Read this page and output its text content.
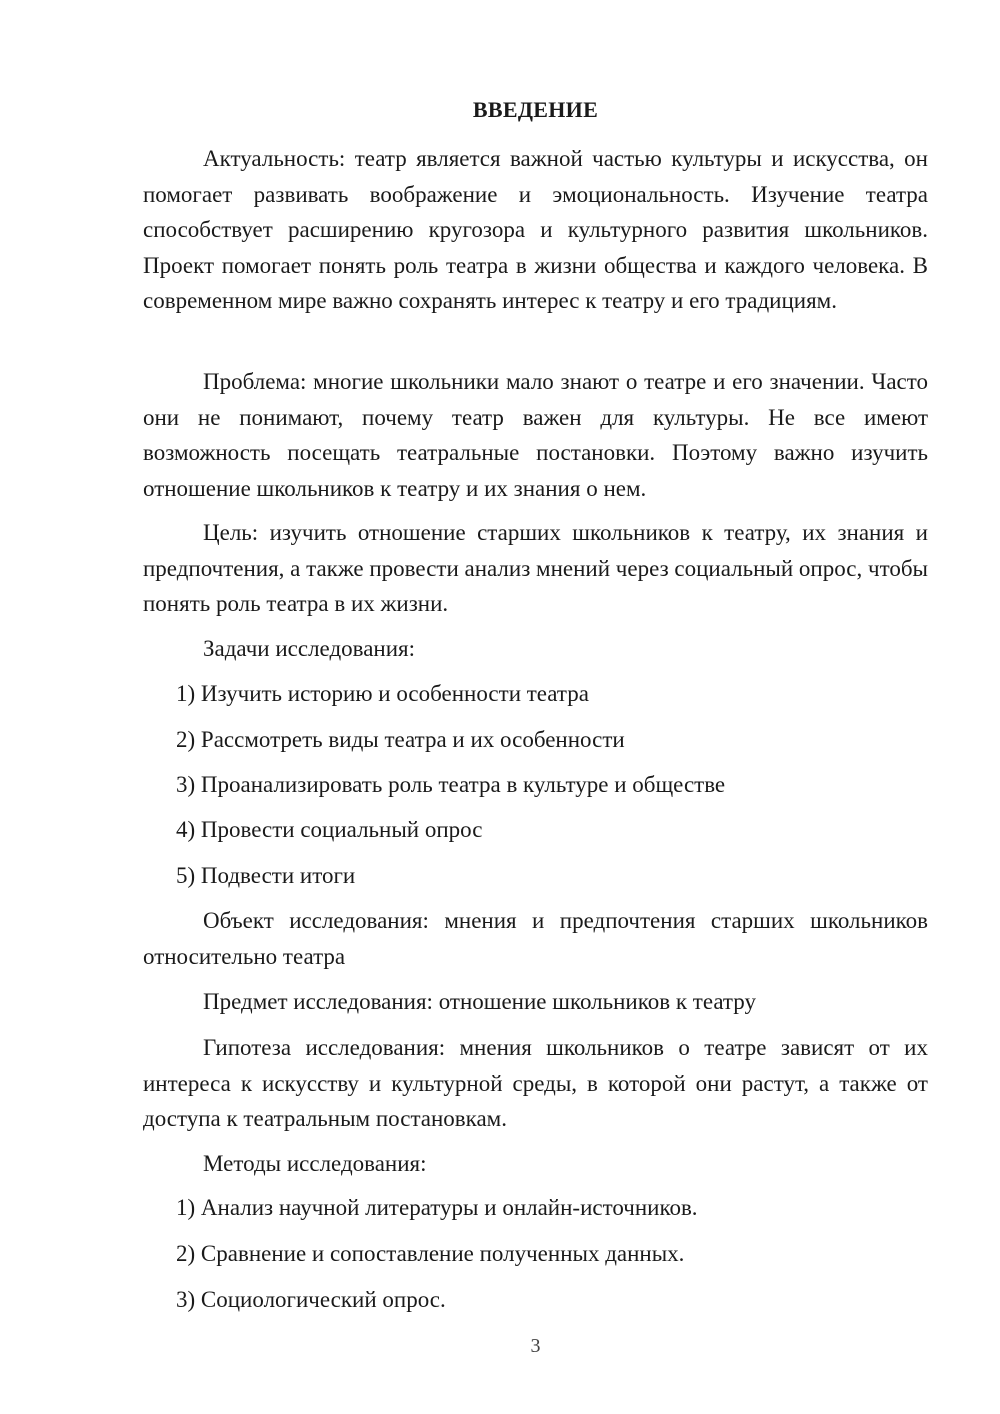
ВВЕДЕНИЕ

Актуальность: театр является важной частью культуры и искусства, он помогает развивать воображение и эмоциональность. Изучение театра способствует расширению кругозора и культурного развития школьников. Проект помогает понять роль театра в жизни общества и каждого человека. В современном мире важно сохранять интерес к театру и его традициям.

Проблема: многие школьники мало знают о театре и его значении. Часто они не понимают, почему театр важен для культуры. Не все имеют возможность посещать театральные постановки. Поэтому важно изучить отношение школьников к театру и их знания о нем.

Цель: изучить отношение старших школьников к театру, их знания и предпочтения, а также провести анализ мнений через социальный опрос, чтобы понять роль театра в их жизни.

Задачи исследования:

1) Изучить историю и особенности театра
2) Рассмотреть виды театра и их особенности
3) Проанализировать роль театра в культуре и обществе
4) Провести социальный опрос
5) Подвести итоги

Объект исследования: мнения и предпочтения старших школьников относительно театра

Предмет исследования: отношение школьников к театру

Гипотеза исследования: мнения школьников о театре зависят от их интереса к искусству и культурной среды, в которой они растут, а также от доступа к театральным постановкам.

Методы исследования:

1) Анализ научной литературы и онлайн-источников.
2) Сравнение и сопоставление полученных данных.
3) Социологический опрос.
3
